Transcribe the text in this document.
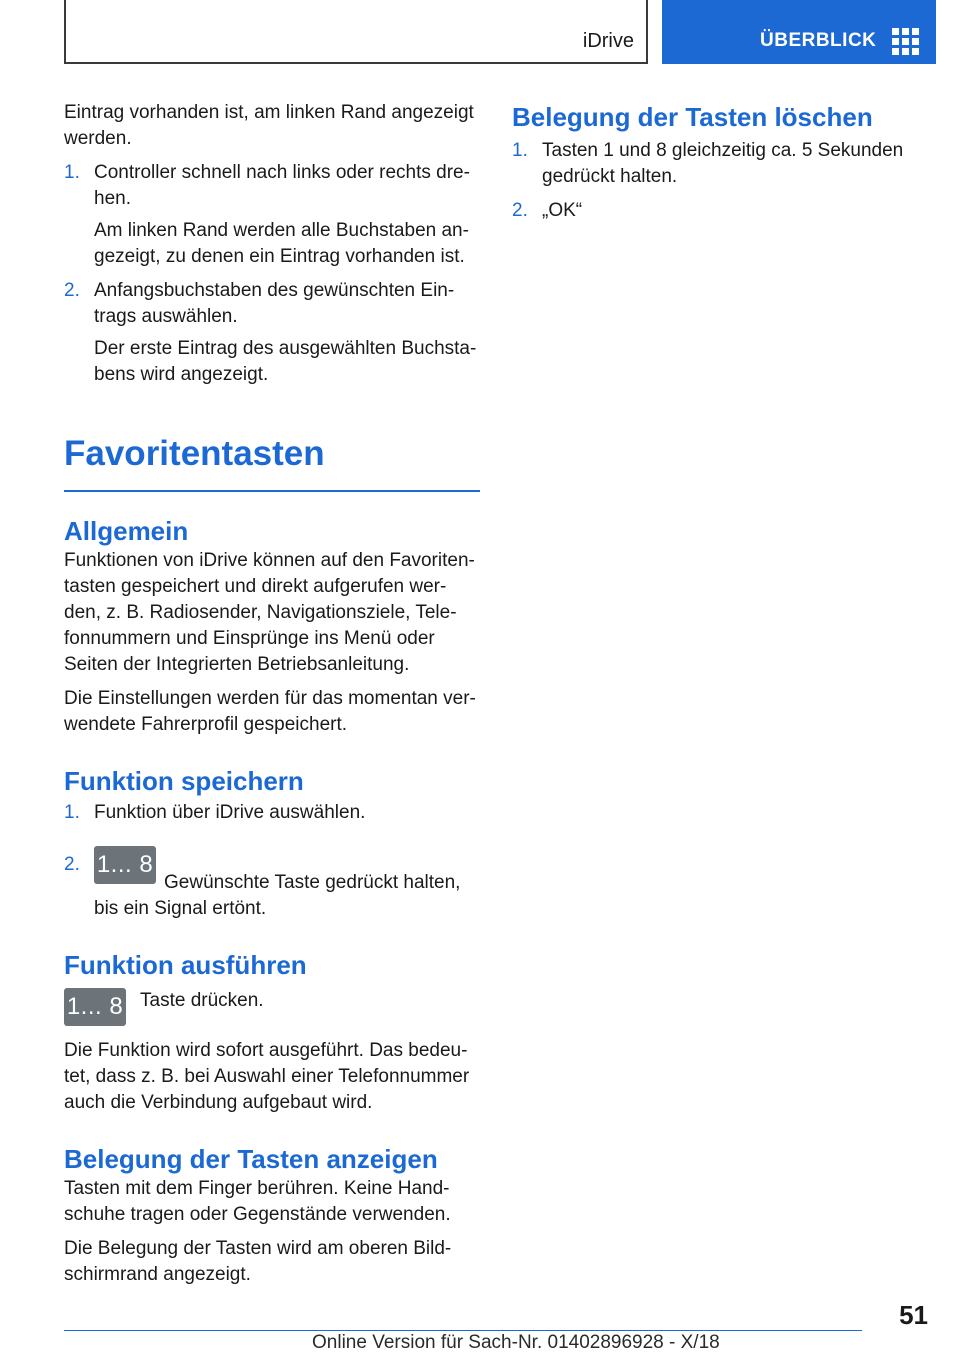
iDrive	ÜBERBLICK

Eintrag vorhanden ist, am linken Rand angezeigt werden.

1. Controller schnell nach links oder rechts dre-hen.

Am linken Rand werden alle Buchstaben an-gezeigt, zu denen ein Eintrag vorhanden ist.

2. Anfangsbuchstaben des gewünschten Ein-trags auswählen.

Der erste Eintrag des ausgewählten Buchsta-bens wird angezeigt.

Favoritentasten
Allgemein

Funktionen von iDrive können auf den Favoriten-tasten gespeichert und direkt aufgerufen wer-den, z. B. Radiosender, Navigationsziele, Tele-fonnummern und Einsprünge ins Menü oder Seiten der Integrierten Betriebsanleitung.

Die Einstellungen werden für das momentan ver-wendete Fahrerprofil gespeichert.

Funktion speichern
1. Funktion über iDrive auswählen.

2. 1... 8Gewünschte Taste gedrückt halten, bis ein Signal ertönt.

Funktion ausführen
1... 8 Taste drücken.

Die Funktion wird sofort ausgeführt. Das bedeu-tet, dass z. B. bei Auswahl einer Telefonnummer auch die Verbindung aufgebaut wird.

Belegung der Tasten anzeigen

Tasten mit dem Finger berühren. Keine Hand-schuhe tragen oder Gegenstände verwenden.

Die Belegung der Tasten wird am oberen Bild-schirmrand angezeigt.

Belegung der Tasten löschen
1. Tasten 1 und 8 gleichzeitig ca. 5 Sekunden gedrückt halten.

2. „OK“

51
Online Version für Sach-Nr. 01402896928 - X/18
